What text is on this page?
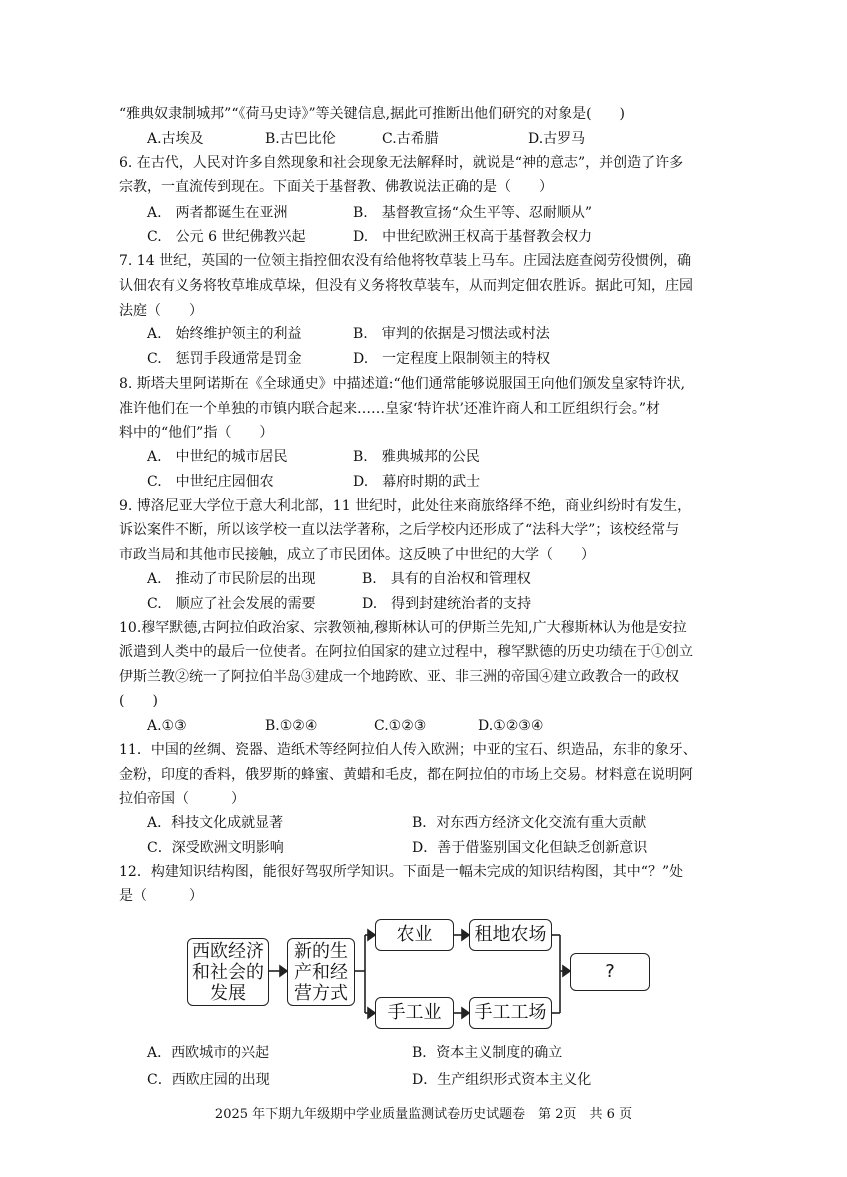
“雅典奴隶制城邦”“《荷马史诗》”等关键信息,据此可推断出他们研究的对象是(　　)
A.古埃及	B.古巴比伦	C.古希腊	D.古罗马
6. 在古代，人民对许多自然现象和社会现象无法解释时，就说是“神的意志”，并创造了许多
宗教，一直流传到现在。下面关于基督教、佛教说法正确的是（　　）
A.　两者都诞生在亚洲	B.　基督教宣扬“众生平等、忍耐顺从”
C.　公元 6 世纪佛教兴起	D.　中世纪欧洲王权高于基督教会权力
7. 14 世纪，英国的一位领主指控佃农没有给他将牧草装上马车。庄园法庭查阅劳役惯例，确
认佃农有义务将牧草堆成草垛，但没有义务将牧草装车，从而判定佃农胜诉。据此可知，庄园
法庭（　　）
A.　始终维护领主的利益	B.　审判的依据是习惯法或村法
C.　惩罚手段通常是罚金	D.　一定程度上限制领主的特权
8. 斯塔夫里阿诺斯在《全球通史》中描述道:“他们通常能够说服国王向他们颁发皇家特许状,
准许他们在一个单独的市镇内联合起来……皇家‘特许状’还准许商人和工匠组织行会。”材
料中的“他们”指（　　）
A.　中世纪的城市居民	B.　雅典城邦的公民
C.　中世纪庄园佃农	D.　幕府时期的武士
9. 博洛尼亚大学位于意大利北部，11 世纪时，此处往来商旅络绎不绝，商业纠纷时有发生，
诉讼案件不断，所以该学校一直以法学著称，之后学校内还形成了“法科大学”；该校经常与
市政当局和其他市民接触，成立了市民团体。这反映了中世纪的大学（　　）
A.　推动了市民阶层的出现	B.　具有的自治权和管理权
C.　顺应了社会发展的需要	D.　得到封建统治者的支持
10.穆罕默德,古阿拉伯政治家、宗教领袖,穆斯林认可的伊斯兰先知,广大穆斯林认为他是安拉
派遣到人类中的最后一位使者。在阿拉伯国家的建立过程中，穆罕默德的历史功绩在于①创立
伊斯兰教②统一了阿拉伯半岛③建成一个地跨欧、亚、非三洲的帝国④建立政教合一的政权
(　　)
A.①③	B.①②④	C.①②③	D.①②③④
11．中国的丝绸、瓷器、造纸术等经阿拉伯人传入欧洲；中亚的宝石、织造品，东非的象牙、
金粉，印度的香料，俄罗斯的蜂蜜、黄蜡和毛皮，都在阿拉伯的市场上交易。材料意在说明阿
拉伯帝国（　　　）
A．科技文化成就显著	B．对东西方经济文化交流有重大贡献
C．深受欧洲文明影响	D．善于借鉴别国文化但缺乏创新意识
12．构建知识结构图，能很好驾驭所学知识。下面是一幅未完成的知识结构图，其中“？”处
是（　　　）
西欧经济
和社会的
发展
新的生
产和经
营方式
农业	租地农场
手工业	手工工场
?
A．西欧城市的兴起	B．资本主义制度的确立
C．西欧庄园的出现	D．生产组织形式资本主义化
2025 年下期九年级期中学业质量监测试卷历史试题卷　第 2页　共 6 页
